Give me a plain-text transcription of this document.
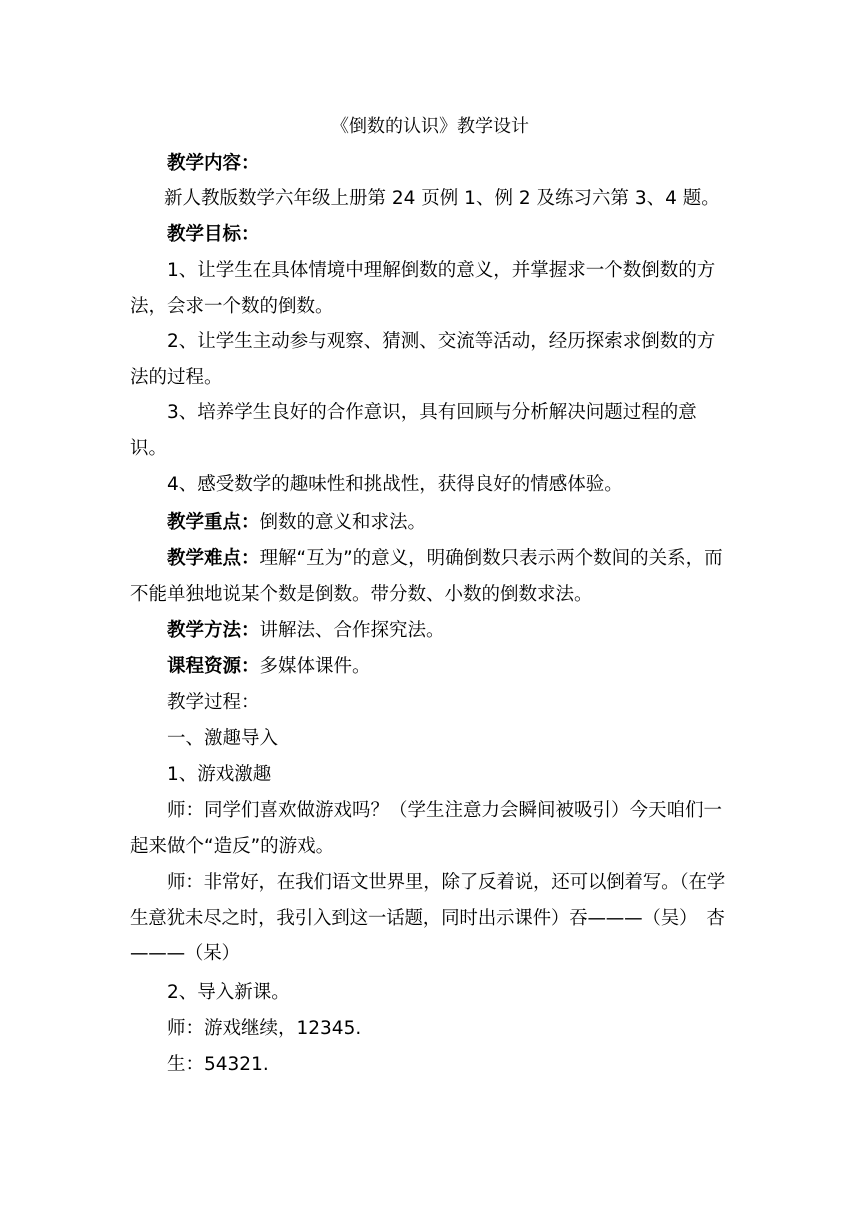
《倒数的认识》教学设计

教学内容：

新人教版数学六年级上册第 24 页例 1、例 2 及练习六第 3、4 题。

教学目标：

1、让学生在具体情境中理解倒数的意义，并掌握求一个数倒数的方法，会求一个数的倒数。

2、让学生主动参与观察、猜测、交流等活动，经历探索求倒数的方法的过程。

3、培养学生良好的合作意识，具有回顾与分析解决问题过程的意识。

4、感受数学的趣味性和挑战性，获得良好的情感体验。

教学重点：倒数的意义和求法。

教学难点：理解“互为”的意义，明确倒数只表示两个数间的关系，而不能单独地说某个数是倒数。带分数、小数的倒数求法。

教学方法：讲解法、合作探究法。

课程资源：多媒体课件。

教学过程：

一、激趣导入

1、游戏激趣

师：同学们喜欢做游戏吗？（学生注意力会瞬间被吸引）今天咱们一起来做个“造反”的游戏。

师：非常好，在我们语文世界里，除了反着说，还可以倒着写。（在学生意犹未尽之时，我引入到这一话题，同时出示课件）吞———（吴）　杏———（呆）

2、导入新课。

师：游戏继续，12345.

生：54321.
